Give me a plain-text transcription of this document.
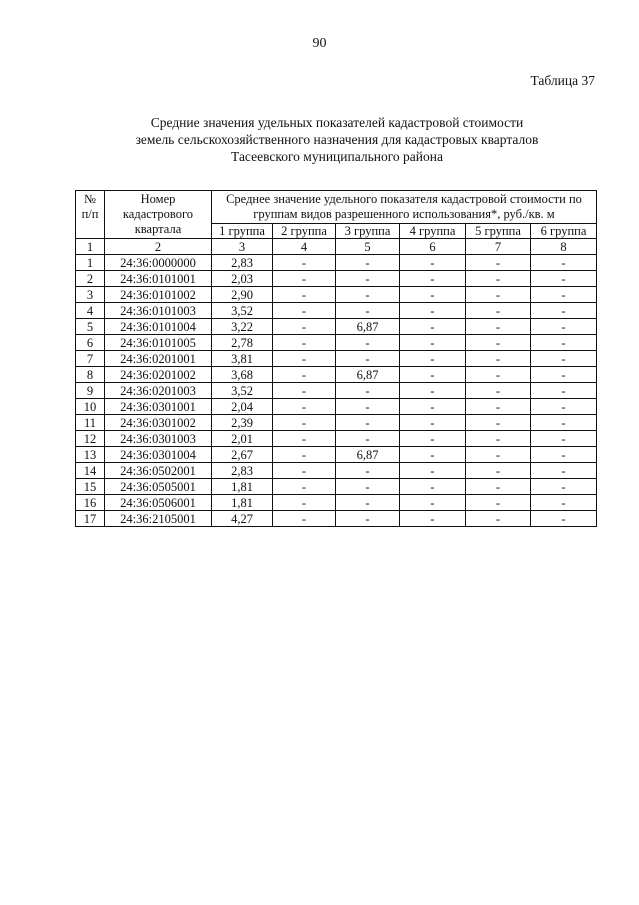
90
Таблица 37
Средние значения удельных показателей кадастровой стоимости
земель сельскохозяйственного назначения для кадастровых кварталов
Тасеевского муниципального района
№ п/п	Номер кадастрового квартала	Среднее значение удельного показателя кадастровой стоимости по группам видов разрешенного использования*, руб./кв. м					
		1 группа	2 группа	3 группа	4 группа	5 группа	6 группа
1	2	3	4	5	6	7	8
1	24:36:0000000	2,83	-	-	-	-	-
2	24:36:0101001	2,03	-	-	-	-	-
3	24:36:0101002	2,90	-	-	-	-	-
4	24:36:0101003	3,52	-	-	-	-	-
5	24:36:0101004	3,22	-	6,87	-	-	-
6	24:36:0101005	2,78	-	-	-	-	-
7	24:36:0201001	3,81	-	-	-	-	-
8	24:36:0201002	3,68	-	6,87	-	-	-
9	24:36:0201003	3,52	-	-	-	-	-
10	24:36:0301001	2,04	-	-	-	-	-
11	24:36:0301002	2,39	-	-	-	-	-
12	24:36:0301003	2,01	-	-	-	-	-
13	24:36:0301004	2,67	-	6,87	-	-	-
14	24:36:0502001	2,83	-	-	-	-	-
15	24:36:0505001	1,81	-	-	-	-	-
16	24:36:0506001	1,81	-	-	-	-	-
17	24:36:2105001	4,27	-	-	-	-	-
